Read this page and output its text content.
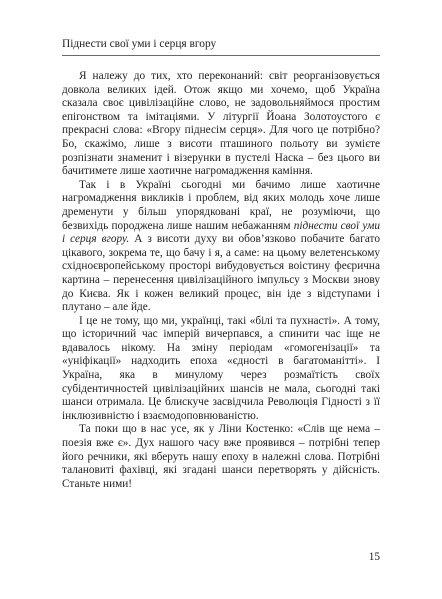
Піднести свої уми і серця вгору

Я належу до тих, хто переконаний: світ реорганізовується довкола великих ідей. Отож якщо ми хочемо, щоб Україна сказала своє цивілізаційне слово, не задовольняймося простим епігонством та імітаціями. У літургії Йоана Золотоустого є прекрасні слова: «Вгору піднесім серця». Для чого це потрібно? Бо, скажімо, лише з висоти пташиного польоту ви зумієте розпізнати знаменит і візерунки в пустелі Наска – без цього ви бачитимете лише хаотичне нагромадження каміння.

Так і в Україні сьогодні ми бачимо лише хаотичне нагромадження викликів і проблем, від яких молодь хоче лише дременути у більш упорядковані краї, не розуміючи, що безвихідь породжена лише нашим небажанням піднести свої уми і серця вгору. А з висоти духу ви обов’язково побачите багато цікавого, зокрема те, що бачу і я, а саме: на цьому велетенському східноєвропейському просторі вибудовується воістину феєрична картина – перенесення цивілізаційного імпульсу з Москви знову до Києва. Як і кожен великий процес, він іде з відступами і плутано – але йде.

І це не тому, що ми, українці, такі «білі та пухнасті». А тому, що історичний час імперій вичерпався, а спинити час іще не вдавалось нікому. На зміну періодам «гомогенізації» та «уніфікації» надходить епоха «єдності в багатоманітті». І Україна, яка в минулому через розмаїтість своїх субідентичностей цивілізаційних шансів не мала, сьогодні такі шанси отримала. Це блискуче засвідчила Революція Гідності з її інклюзивністю і взаємодоповнюваністю.

Та поки що в нас усе, як у Ліни Костенко: «Слів ще нема – поезія вже є». Дух нашого часу вже проявився – потрібні тепер його речники, які вберуть нашу епоху в належні слова. Потрібні талановиті фахівці, які згадані шанси перетворять у дійсність. Станьте ними!

15
